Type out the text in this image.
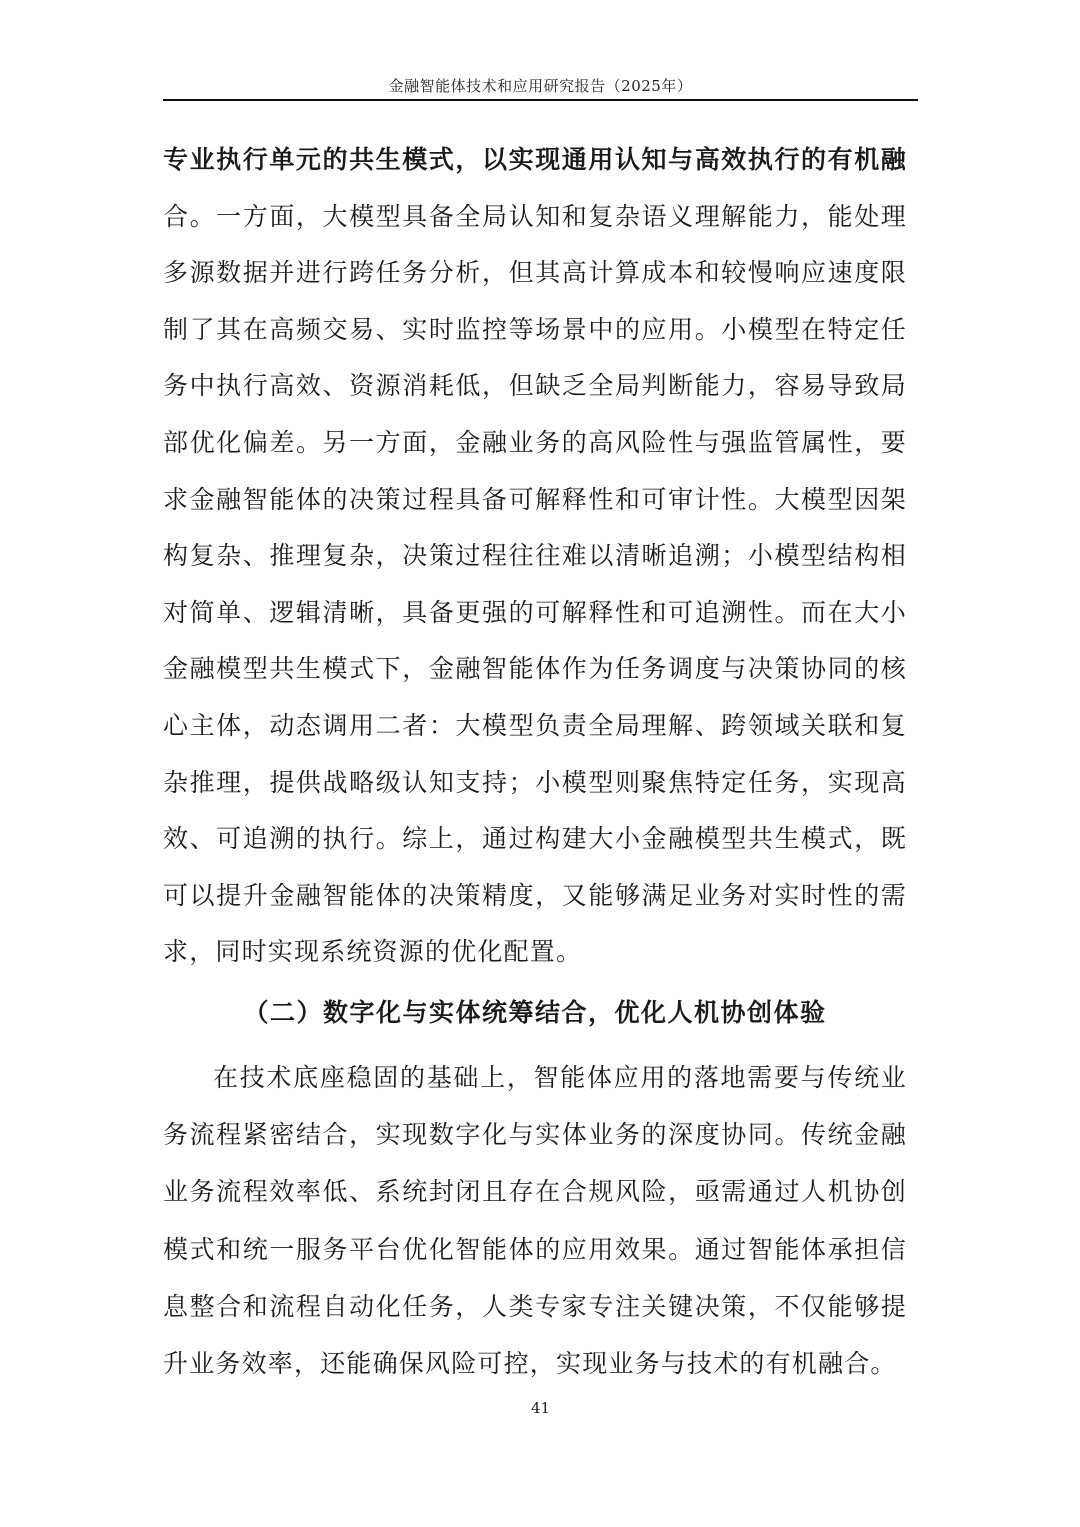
金融智能体技术和应用研究报告（2025年）

专业执行单元的共生模式，以实现通用认知与高效执行的有机融合。一方面，大模型具备全局认知和复杂语义理解能力，能处理多源数据并进行跨任务分析，但其高计算成本和较慢响应速度限制了其在高频交易、实时监控等场景中的应用。小模型在特定任务中执行高效、资源消耗低，但缺乏全局判断能力，容易导致局部优化偏差。另一方面，金融业务的高风险性与强监管属性，要求金融智能体的决策过程具备可解释性和可审计性。大模型因架构复杂、推理复杂，决策过程往往难以清晰追溯；小模型结构相对简单、逻辑清晰，具备更强的可解释性和可追溯性。而在大小金融模型共生模式下，金融智能体作为任务调度与决策协同的核心主体，动态调用二者：大模型负责全局理解、跨领域关联和复杂推理，提供战略级认知支持；小模型则聚焦特定任务，实现高效、可追溯的执行。综上，通过构建大小金融模型共生模式，既可以提升金融智能体的决策精度，又能够满足业务对实时性的需求，同时实现系统资源的优化配置。

（二）数字化与实体统筹结合，优化人机协创体验

在技术底座稳固的基础上，智能体应用的落地需要与传统业务流程紧密结合，实现数字化与实体业务的深度协同。传统金融业务流程效率低、系统封闭且存在合规风险，亟需通过人机协创模式和统一服务平台优化智能体的应用效果。通过智能体承担信息整合和流程自动化任务，人类专家专注关键决策，不仅能够提升业务效率，还能确保风险可控，实现业务与技术的有机融合。

41
